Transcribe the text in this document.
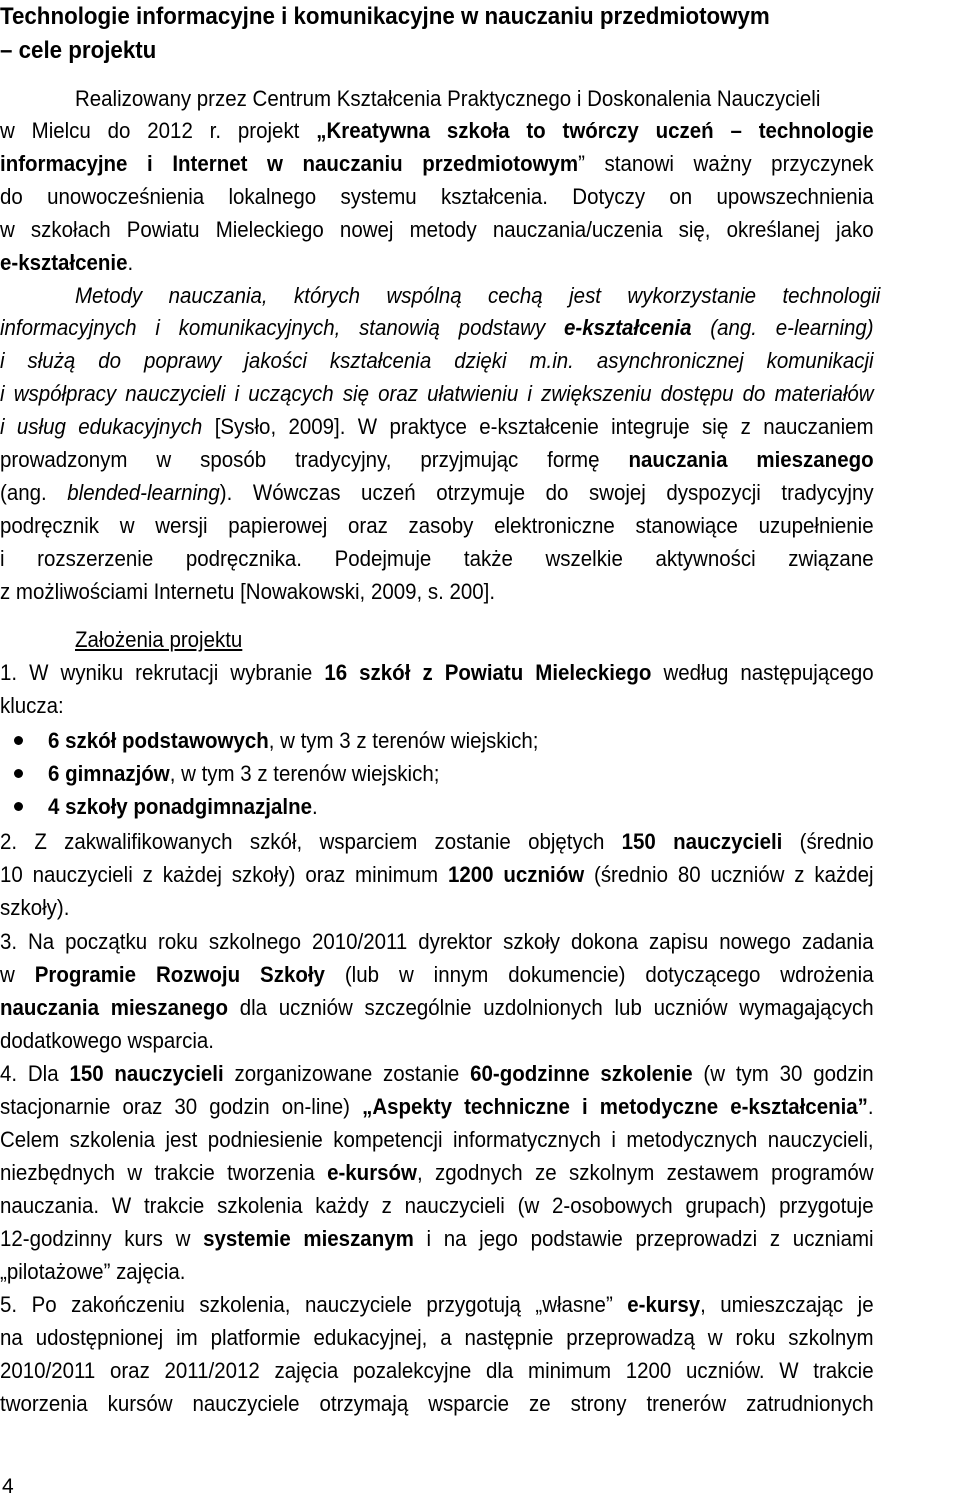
Technologie informacyjne i komunikacyjne w nauczaniu przedmiotowym
– cele projektu
Realizowany przez Centrum Kształcenia Praktycznego i Doskonalenia Nauczycieli
w Mielcu do 2012 r. projekt „Kreatywna szkoła to twórczy uczeń – technologie
informacyjne i Internet w nauczaniu przedmiotowym” stanowi ważny przyczynek
do unowocześnienia lokalnego systemu kształcenia. Dotyczy on upowszechnienia
w szkołach Powiatu Mieleckiego nowej metody nauczania/uczenia się, określanej jako
e-kształcenie.
Metody nauczania, których wspólną cechą jest wykorzystanie technologii
informacyjnych i komunikacyjnych, stanowią podstawy e-kształcenia (ang. e-learning)
i służą do poprawy jakości kształcenia dzięki m.in. asynchronicznej komunikacji
i współpracy nauczycieli i uczących się oraz ułatwieniu i zwiększeniu dostępu do materiałów
i usług edukacyjnych [Sysło, 2009]. W praktyce e-kształcenie integruje się z nauczaniem
prowadzonym w sposób tradycyjny, przyjmując formę nauczania mieszanego
(ang. blended-learning). Wówczas uczeń otrzymuje do swojej dyspozycji tradycyjny
podręcznik w wersji papierowej oraz zasoby elektroniczne stanowiące uzupełnienie
i rozszerzenie podręcznika. Podejmuje także wszelkie aktywności związane
z możliwościami Internetu [Nowakowski, 2009, s. 200].
Założenia projektu
1. W wyniku rekrutacji wybranie 16 szkół z Powiatu Mieleckiego według następującego
klucza:
6 szkół podstawowych, w tym 3 z terenów wiejskich;
6 gimnazjów, w tym 3 z terenów wiejskich;
4 szkoły ponadgimnazjalne.
2. Z zakwalifikowanych szkół, wsparciem zostanie objętych 150 nauczycieli (średnio
10 nauczycieli z każdej szkoły) oraz minimum 1200 uczniów (średnio 80 uczniów z każdej
szkoły).
3. Na początku roku szkolnego 2010/2011 dyrektor szkoły dokona zapisu nowego zadania
w Programie Rozwoju Szkoły (lub w innym dokumencie) dotyczącego wdrożenia
nauczania mieszanego dla uczniów szczególnie uzdolnionych lub uczniów wymagających
dodatkowego wsparcia.
4. Dla 150 nauczycieli zorganizowane zostanie 60-godzinne szkolenie (w tym 30 godzin
stacjonarnie oraz 30 godzin on-line) „Aspekty techniczne i metodyczne e-kształcenia”.
Celem szkolenia jest podniesienie kompetencji informatycznych i metodycznych nauczycieli,
niezbędnych w trakcie tworzenia e-kursów, zgodnych ze szkolnym zestawem programów
nauczania. W trakcie szkolenia każdy z nauczycieli (w 2-osobowych grupach) przygotuje
12-godzinny kurs w systemie mieszanym i na jego podstawie przeprowadzi z uczniami
„pilotażowe” zajęcia.
5. Po zakończeniu szkolenia, nauczyciele przygotują „własne” e-kursy, umieszczając je
na udostępnionej im platformie edukacyjnej, a następnie przeprowadzą w roku szkolnym
2010/2011 oraz 2011/2012 zajęcia pozalekcyjne dla minimum 1200 uczniów. W trakcie
tworzenia kursów nauczyciele otrzymają wsparcie ze strony trenerów zatrudnionych
4
